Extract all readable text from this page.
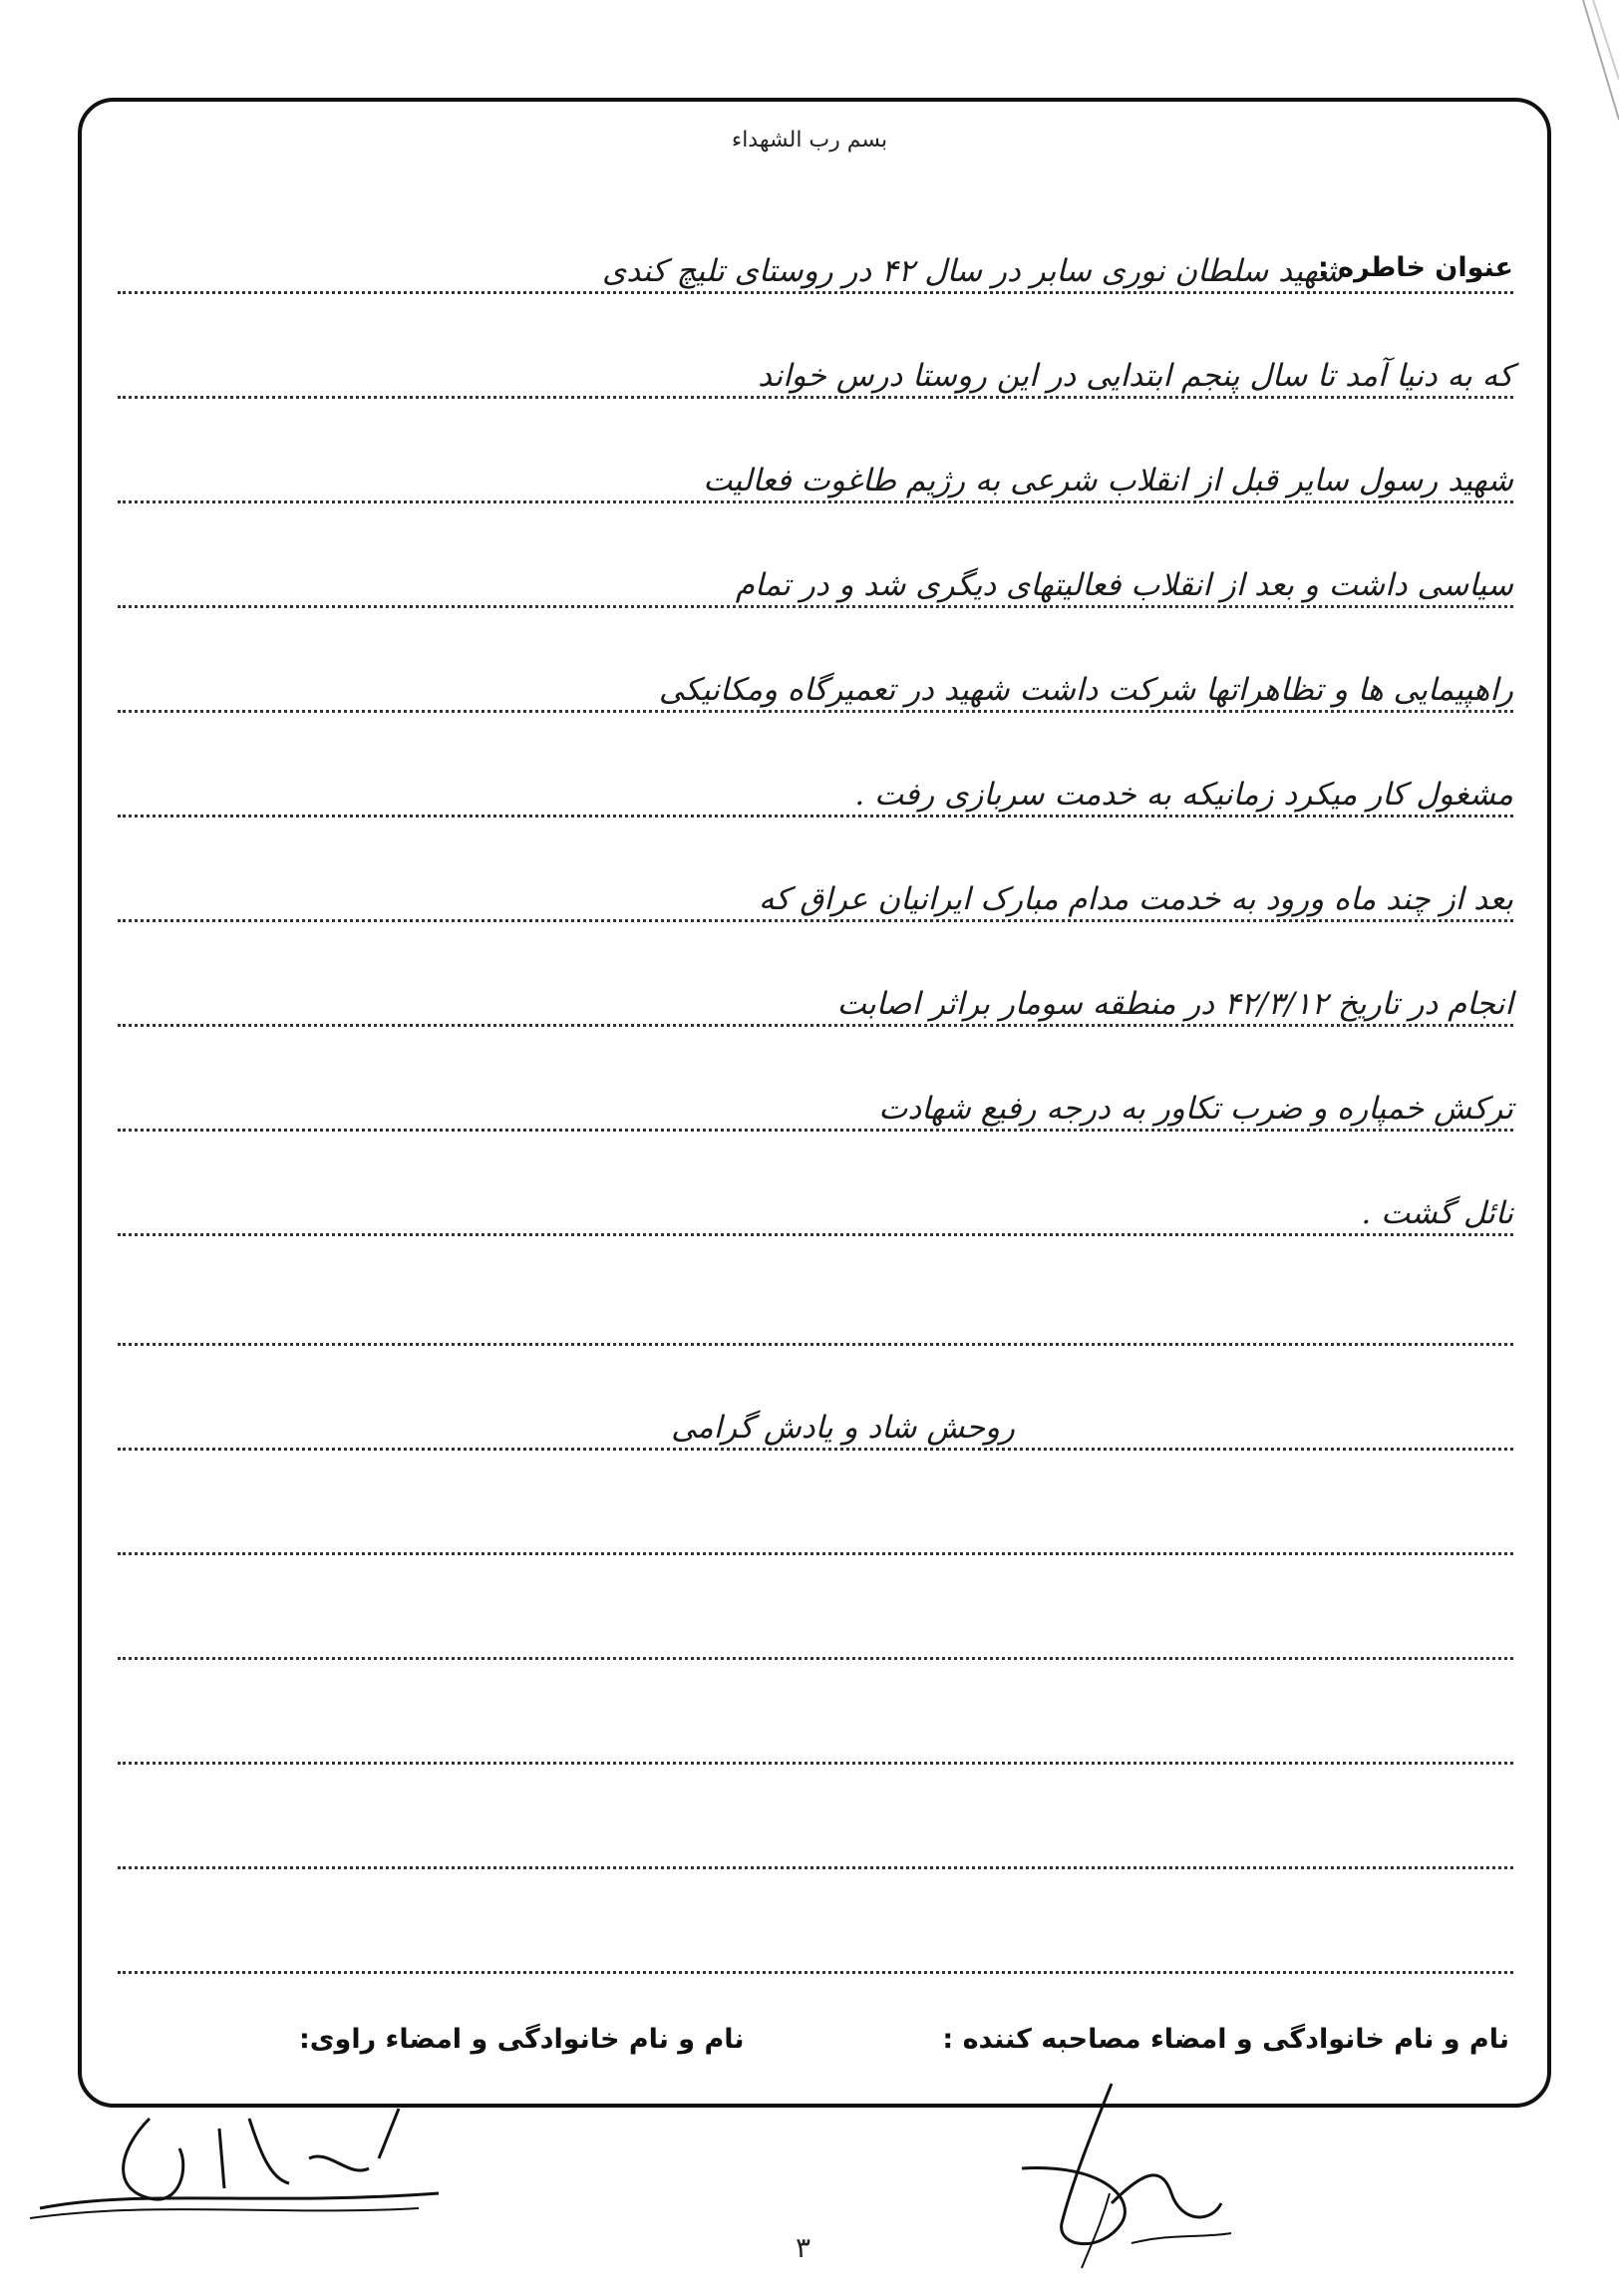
بسم رب الشهداء
عنوان خاطره :
شهید سلطان نوری سابر در سال ۴۲ در روستای تلیچ کندی
که به دنیا آمد تا سال پنجم ابتدایی در این روستا درس خواند
شهید رسول ساير قبل از انقلاب شرعی به رژیم طاغوت فعالیت
سیاسی داشت و بعد از انقلاب فعالیتهای دیگری شد و در تمام
راهپیمایی ها و تظاهراتها شرکت داشت شهید در تعمیرگاه ومکانیکی
مشغول کار میکرد زمانیکه به خدمت سربازی رفت .
بعد از چند ماه ورود به خدمت مدام مبارک ایرانیان عراق که
انجام در تاریخ ۴۲/۳/۱۲ در منطقه سومار براثر اصابت
ترکش خمپاره و ضرب تکاور به درجه رفیع شهادت
نائل گشت .
روحش شاد و یادش گرامی
نام و نام خانوادگی و امضاء راوی:	نام و نام خانوادگی و امضاء مصاحبه کننده :
۳
